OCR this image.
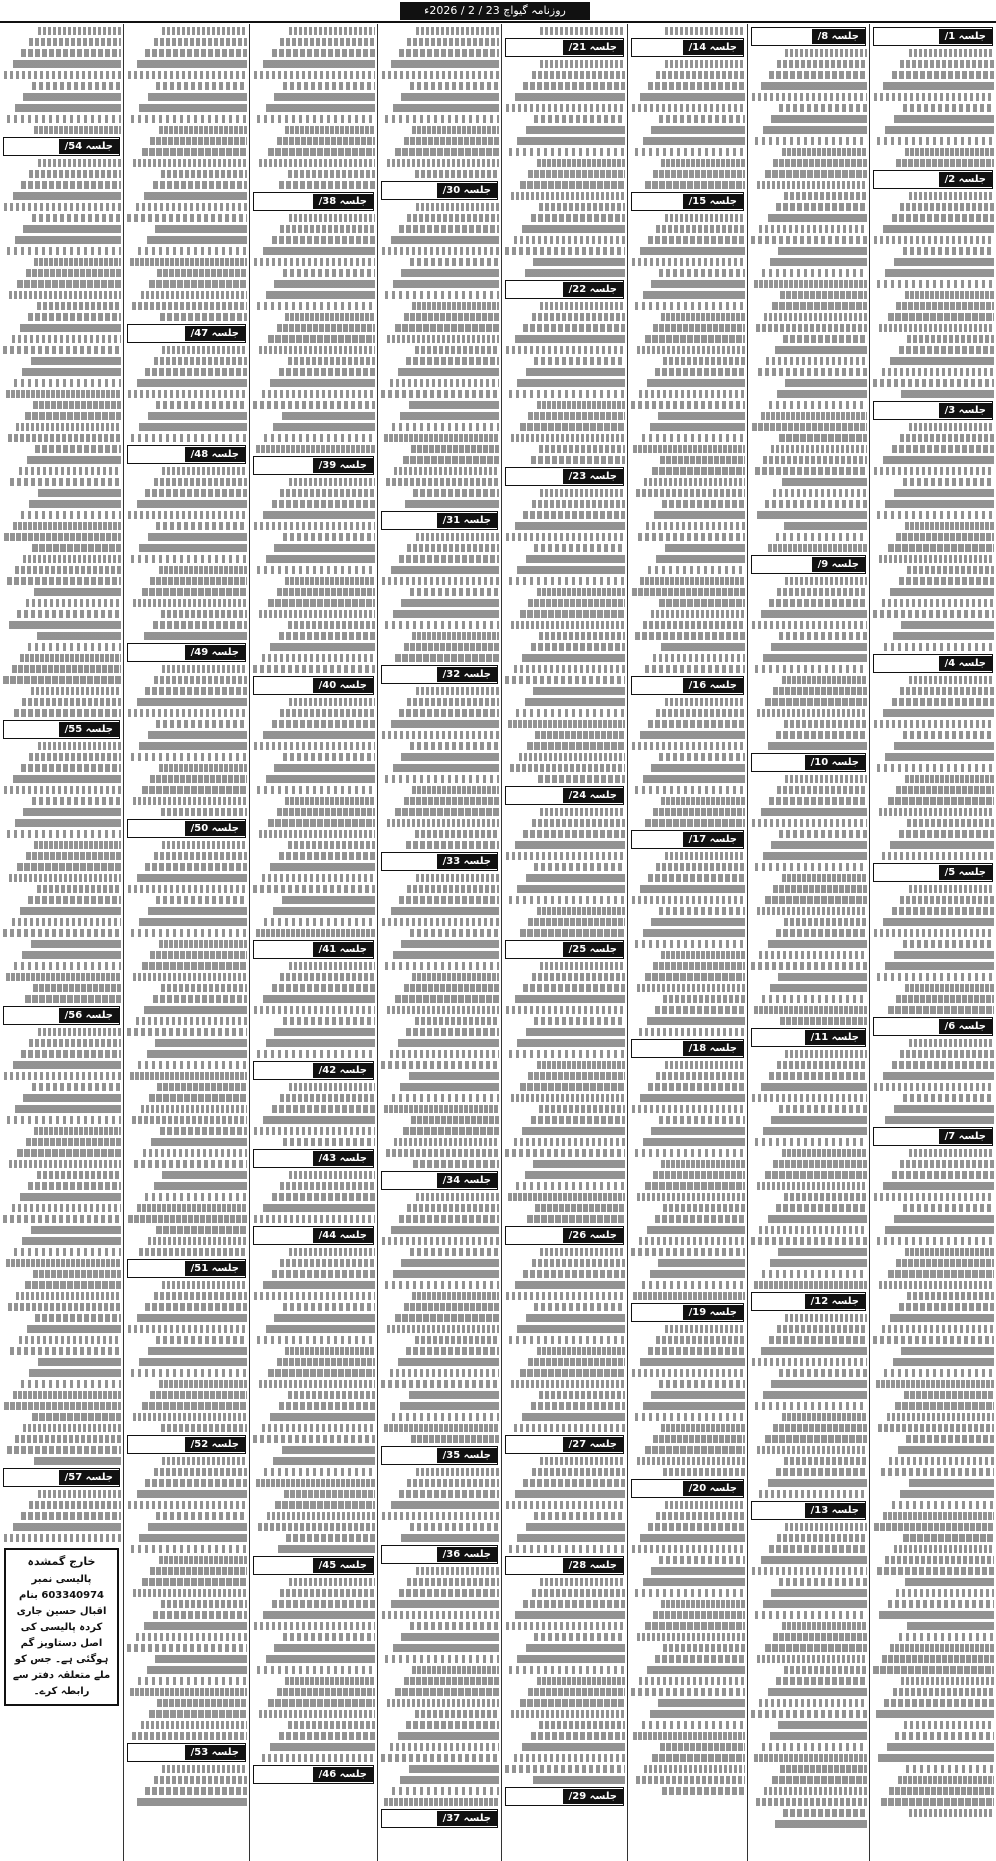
روزنامہ گیواچ 23 / 2 / 2026ء
جلسہ 1/
جلسہ 2/
جلسہ 3/
جلسہ 4/
جلسہ 5/
جلسہ 6/
جلسہ 7/
جلسہ 8/
جلسہ 9/
جلسہ 10/
جلسہ 11/
جلسہ 12/
جلسہ 13/
جلسہ 14/
جلسہ 15/
جلسہ 16/
جلسہ 17/
جلسہ 18/
جلسہ 19/
جلسہ 20/
جلسہ 21/
جلسہ 22/
جلسہ 23/
جلسہ 24/
جلسہ 25/
جلسہ 26/
جلسہ 27/
جلسہ 28/
جلسہ 29/
جلسہ 30/
جلسہ 31/
جلسہ 32/
جلسہ 33/
جلسہ 34/
جلسہ 35/
جلسہ 36/
جلسہ 37/
جلسہ 38/
جلسہ 39/
جلسہ 40/
جلسہ 41/
جلسہ 42/
جلسہ 43/
جلسہ 44/
جلسہ 45/
جلسہ 46/
جلسہ 47/
جلسہ 48/
جلسہ 49/
جلسہ 50/
جلسہ 51/
جلسہ 52/
جلسہ 53/
جلسہ 54/
جلسہ 55/
جلسہ 56/
جلسہ 57/
خارج گمشدہ
پالیسی نمبر 603340974 بنام اقبال حسین جاری کردہ پالیسی کی اصل دستاویز گم ہوگئی ہے۔ جس کو ملے متعلقہ دفتر سے رابطہ کرے۔
